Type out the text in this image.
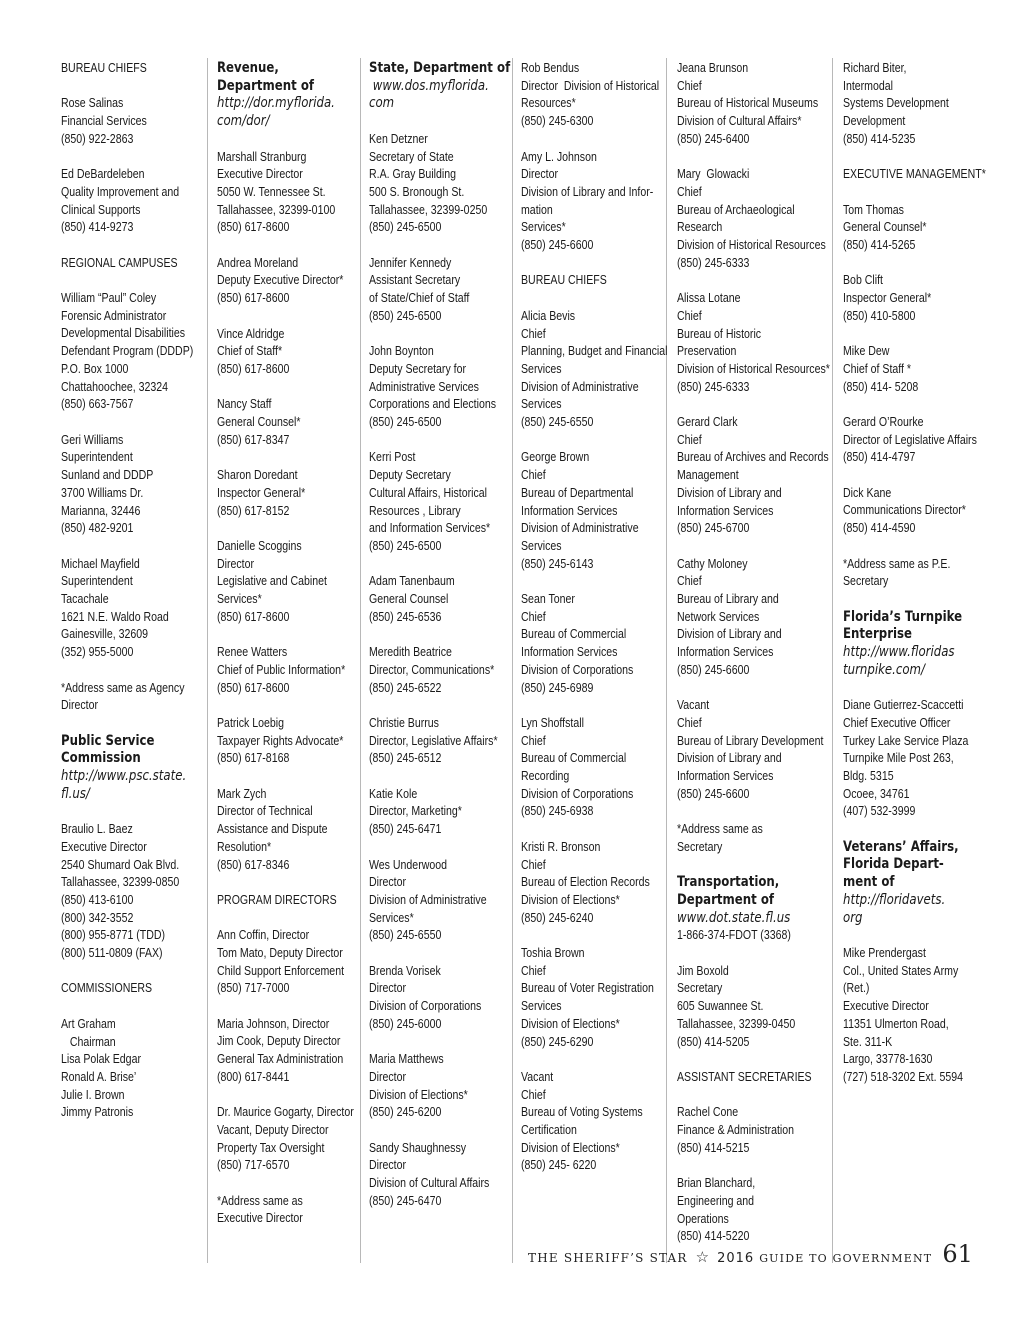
BUREAU CHIEFS
Rose Salinas
Financial Services
(850) 922-2863
Ed DeBardeleben
Quality Improvement and
Clinical Supports
(850) 414-9273
REGIONAL CAMPUSES
William “Paul” Coley
Forensic Administrator
Developmental Disabilities
Defendant Program (DDDP)
P.O. Box 1000
Chattahoochee, 32324
(850) 663-7567
Geri Williams
Superintendent
Sunland and DDDP
3700 Williams Dr.
Marianna, 32446
(850) 482-9201
Michael Mayfield
Superintendent
Tacachale
1621 N.E. Waldo Road
Gainesville, 32609
(352) 955-5000
*Address same as Agency
Director
Public Service
Commission
http://www.psc.state.
fl.us/
Braulio L. Baez
Executive Director
2540 Shumard Oak Blvd.
Tallahassee, 32399-0850
(850) 413-6100
(800) 342-3552
(800) 955-8771 (TDD)
(800) 511-0809 (FAX)
COMMISSIONERS
Art Graham
Chairman
Lisa Polak Edgar
Ronald A. Brise’
Julie I. Brown
Jimmy Patronis
Revenue,
Department of
http://dor.myflorida.
com/dor/
Marshall Stranburg
Executive Director
5050 W. Tennessee St.
Tallahassee, 32399-0100
(850) 617-8600
Andrea Moreland
Deputy Executive Director*
(850) 617-8600
Vince Aldridge
Chief of Staff*
(850) 617-8600
Nancy Staff
General Counsel*
(850) 617-8347
Sharon Doredant
Inspector General*
(850) 617-8152
Danielle Scoggins
Director
Legislative and Cabinet
Services*
(850) 617-8600
Renee Watters
Chief of Public Information*
(850) 617-8600
Patrick Loebig
Taxpayer Rights Advocate*
(850) 617-8168
Mark Zych
Director of Technical
Assistance and Dispute
Resolution*
(850) 617-8346
PROGRAM DIRECTORS
Ann Coffin, Director
Tom Mato, Deputy Director
Child Support Enforcement
(850) 717-7000
Maria Johnson, Director
Jim Cook, Deputy Director
General Tax Administration
(800) 617-8441
Dr. Maurice Gogarty, Director
Vacant, Deputy Director
Property Tax Oversight
(850) 717-6570
*Address same as
Executive Director
State, Department of
www.dos.myflorida.
com
Ken Detzner
Secretary of State
R.A. Gray Building
500 S. Bronough St.
Tallahassee, 32399-0250
(850) 245-6500
Jennifer Kennedy
Assistant Secretary
of State/Chief of Staff
(850) 245-6500
John Boynton
Deputy Secretary for
Administrative Services
Corporations and Elections
(850) 245-6500
Kerri Post
Deputy Secretary
Cultural Affairs, Historical
Resources , Library
and Information Services*
(850) 245-6500
Adam Tanenbaum
General Counsel
(850) 245-6536
Meredith Beatrice
Director, Communications*
(850) 245-6522
Christie Burrus
Director, Legislative Affairs*
(850) 245-6512
Katie Kole
Director, Marketing*
(850) 245-6471
Wes Underwood
Director
Division of Administrative
Services*
(850) 245-6550
Brenda Vorisek
Director
Division of Corporations
(850) 245-6000
Maria Matthews
Director
Division of Elections*
(850) 245-6200
Sandy Shaughnessy
Director
Division of Cultural Affairs
(850) 245-6470
Rob Bendus
Director  Division of Historical
Resources*
(850) 245-6300
Amy L. Johnson
Director
Division of Library and Infor-
mation
Services*
(850) 245-6600
BUREAU CHIEFS
Alicia Bevis
Chief
Planning, Budget and Financial
Services
Division of Administrative
Services
(850) 245-6550
George Brown
Chief
Bureau of Departmental
Information Services
Division of Administrative
Services
(850) 245-6143
Sean Toner
Chief
Bureau of Commercial
Information Services
Division of Corporations
(850) 245-6989
Lyn Shoffstall
Chief
Bureau of Commercial
Recording
Division of Corporations
(850) 245-6938
Kristi R. Bronson
Chief
Bureau of Election Records
Division of Elections*
(850) 245-6240
Toshia Brown
Chief
Bureau of Voter Registration
Services
Division of Elections*
(850) 245-6290
Vacant
Chief
Bureau of Voting Systems
Certification
Division of Elections*
(850) 245- 6220
Jeana Brunson
Chief
Bureau of Historical Museums
Division of Cultural Affairs*
(850) 245-6400
Mary  Glowacki
Chief
Bureau of Archaeological
Research
Division of Historical Resources
(850) 245-6333
Alissa Lotane
Chief
Bureau of Historic
Preservation
Division of Historical Resources*
(850) 245-6333
Gerard Clark
Chief
Bureau of Archives and Records
Management
Division of Library and
Information Services
(850) 245-6700
Cathy Moloney
Chief
Bureau of Library and
Network Services
Division of Library and
Information Services
(850) 245-6600
Vacant
Chief
Bureau of Library Development
Division of Library and
Information Services
(850) 245-6600
*Address same as
Secretary
Transportation,
Department of
www.dot.state.fl.us
1-866-374-FDOT (3368)
Jim Boxold
Secretary
605 Suwannee St.
Tallahassee, 32399-0450
(850) 414-5205
ASSISTANT SECRETARIES
Rachel Cone
Finance & Administration
(850) 414-5215
Brian Blanchard,
Engineering and
Operations
(850) 414-5220
Richard Biter,
Intermodal
Systems Development
Development
(850) 414-5235
EXECUTIVE MANAGEMENT*
Tom Thomas
General Counsel*
(850) 414-5265
Bob Clift
Inspector General*
(850) 410-5800
Mike Dew
Chief of Staff *
(850) 414- 5208
Gerard O’Rourke
Director of Legislative Affairs
(850) 414-4797
Dick Kane
Communications Director*
(850) 414-4590
*Address same as P.E.
Secretary
Florida’s Turnpike
Enterprise
http://www.floridas
turnpike.com/
Diane Gutierrez-Scaccetti
Chief Executive Officer
Turkey Lake Service Plaza
Turnpike Mile Post 263,
Bldg. 5315
Ocoee, 34761
(407) 532-3999
Veterans’ Affairs,
Florida Depart-
ment of
http://floridavets.
org
Mike Prendergast
Col., United States Army
(Ret.)
Executive Director
11351 Ulmerton Road,
Ste. 311-K
Largo, 33778-1630
(727) 518-3202 Ext. 5594
THE SHERIFF’S STAR ☆ 2016 GUIDE TO GOVERNMENT 61
